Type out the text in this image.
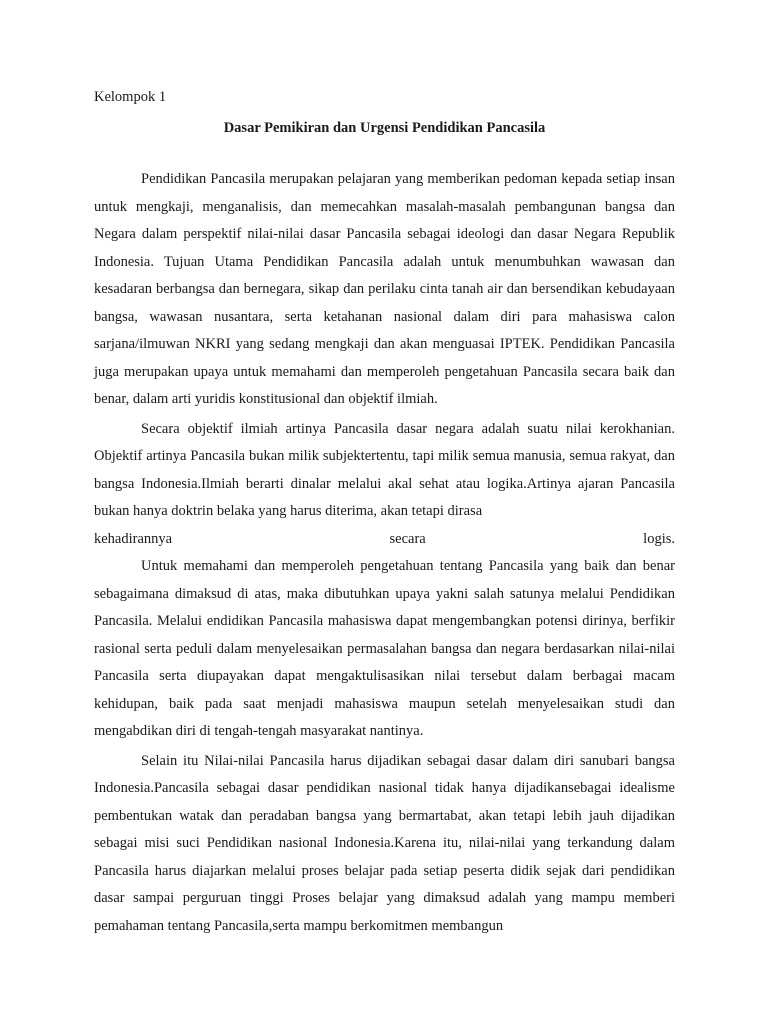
Kelompok 1

Dasar Pemikiran dan Urgensi Pendidikan Pancasila

Pendidikan Pancasila merupakan pelajaran yang memberikan pedoman kepada setiap insan untuk mengkaji, menganalisis, dan memecahkan masalah-masalah pembangunan bangsa dan Negara dalam perspektif nilai-nilai dasar Pancasila sebagai ideologi dan dasar Negara Republik Indonesia. Tujuan Utama Pendidikan Pancasila adalah untuk menumbuhkan wawasan dan kesadaran berbangsa dan bernegara, sikap dan perilaku cinta tanah air dan bersendikan kebudayaan bangsa, wawasan nusantara, serta ketahanan nasional dalam diri para mahasiswa calon sarjana/ilmuwan NKRI yang sedang mengkaji dan akan menguasai IPTEK. Pendidikan Pancasila juga merupakan upaya untuk memahami dan memperoleh pengetahuan Pancasila secara baik dan benar, dalam arti yuridis konstitusional dan objektif ilmiah.

Secara objektif ilmiah artinya Pancasila dasar negara adalah suatu nilai kerokhanian. Objektif artinya Pancasila bukan milik subjektertentu, tapi milik semua manusia, semua rakyat, dan bangsa Indonesia.Ilmiah berarti dinalar melalui akal sehat atau logika.Artinya ajaran Pancasila bukan hanya doktrin belaka yang harus diterima, akan tetapi dirasa

kehadirannya	secara	logis.

Untuk memahami dan memperoleh pengetahuan tentang Pancasila yang baik dan benar sebagaimana dimaksud di atas, maka dibutuhkan upaya yakni salah satunya melalui Pendidikan Pancasila. Melalui endidikan Pancasila mahasiswa dapat mengembangkan potensi dirinya, berfikir rasional serta peduli dalam menyelesaikan permasalahan bangsa dan negara berdasarkan nilai-nilai Pancasila serta diupayakan dapat mengaktulisasikan nilai tersebut dalam berbagai macam kehidupan, baik pada saat menjadi mahasiswa maupun setelah menyelesaikan studi dan mengabdikan diri di tengah-tengah masyarakat nantinya.

Selain itu Nilai-nilai Pancasila harus dijadikan sebagai dasar dalam diri sanubari bangsa Indonesia.Pancasila sebagai dasar pendidikan nasional tidak hanya dijadikansebagai idealisme pembentukan watak dan peradaban bangsa yang bermartabat, akan tetapi lebih jauh dijadikan sebagai misi suci Pendidikan nasional Indonesia.Karena itu, nilai-nilai yang terkandung dalam Pancasila harus diajarkan melalui proses belajar pada setiap peserta didik sejak dari pendidikan dasar sampai perguruan tinggi Proses belajar yang dimaksud adalah yang mampu memberi pemahaman tentang Pancasila,serta mampu berkomitmen membangun
